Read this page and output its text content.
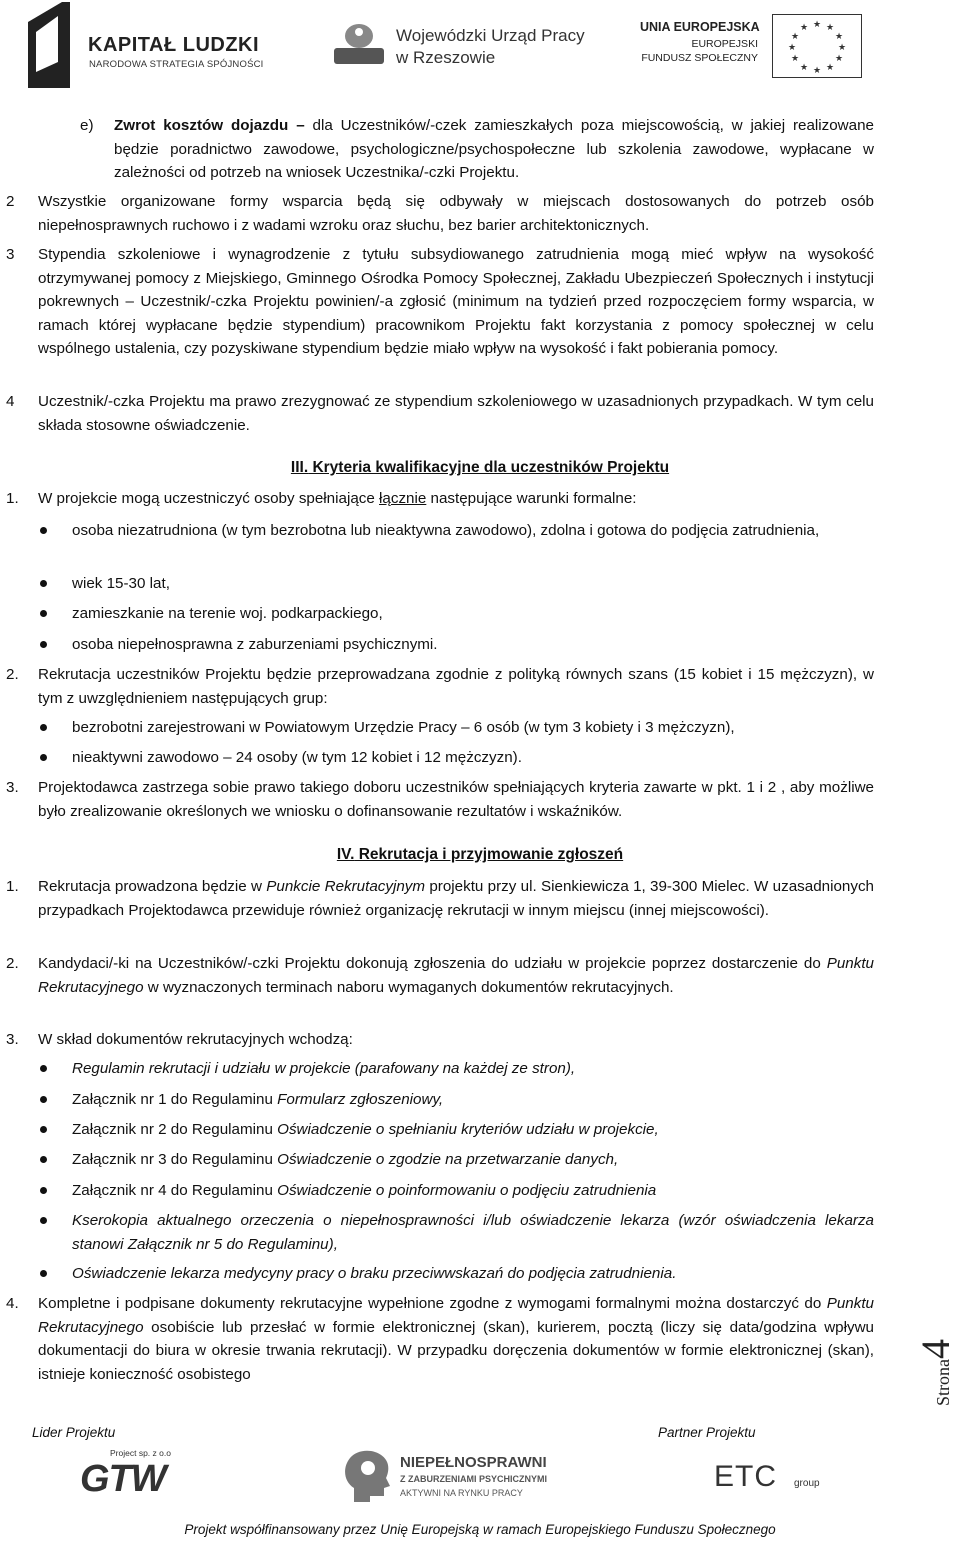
KAPITAŁ LUDZKI
NARODOWA STRATEGIA SPÓJNOŚCI
Wojewódzki Urząd Pracy
w Rzeszowie
UNIA EUROPEJSKA
EUROPEJSKI
FUNDUSZ SPOŁECZNY
★ ★
★
★
★
★
★
★
★
★
★
★
e) Zwrot kosztów dojazdu – dla Uczestników/-czek zamieszkałych poza miejscowością, w jakiej realizowane będzie poradnictwo zawodowe, psychologiczne/psychospołeczne lub szkolenia zawodowe, wypłacane w zależności od potrzeb na wniosek Uczestnika/-czki Projektu.
2 Wszystkie organizowane formy wsparcia będą się odbywały w miejscach dostosowanych do potrzeb osób niepełnosprawnych ruchowo i z wadami wzroku oraz słuchu, bez barier architektonicznych.
3 Stypendia szkoleniowe i wynagrodzenie z tytułu subsydiowanego zatrudnienia mogą mieć wpływ na wysokość otrzymywanej pomocy z Miejskiego, Gminnego Ośrodka Pomocy Społecznej, Zakładu Ubezpieczeń Społecznych i instytucji pokrewnych – Uczestnik/-czka Projektu powinien/-a zgłosić (minimum na tydzień przed rozpoczęciem formy wsparcia, w ramach której wypłacane będzie stypendium) pracownikom Projektu fakt korzystania z pomocy społecznej w celu wspólnego ustalenia, czy pozyskiwane stypendium będzie miało wpływ na wysokość i fakt pobierania pomocy.
4 Uczestnik/-czka Projektu ma prawo zrezygnować ze stypendium szkoleniowego w uzasadnionych przypadkach. W tym celu składa stosowne oświadczenie.
III. Kryteria kwalifikacyjne dla uczestników Projektu
1. W projekcie mogą uczestniczyć osoby spełniające łącznie następujące warunki formalne:
osoba niezatrudniona (w tym bezrobotna lub nieaktywna zawodowo), zdolna i gotowa do podjęcia zatrudnienia,
wiek 15-30 lat,
zamieszkanie na terenie woj. podkarpackiego,
osoba niepełnosprawna z zaburzeniami psychicznymi.
2. Rekrutacja uczestników Projektu będzie przeprowadzana zgodnie z polityką równych szans (15 kobiet i 15 mężczyzn), w tym z uwzględnieniem następujących grup:
bezrobotni zarejestrowani w Powiatowym Urzędzie Pracy – 6 osób (w tym 3 kobiety i 3 mężczyzn),
nieaktywni zawodowo – 24 osoby (w tym 12 kobiet i 12 mężczyzn).
3. Projektodawca zastrzega sobie prawo takiego doboru uczestników spełniających kryteria zawarte w pkt. 1 i 2 , aby możliwe było zrealizowanie określonych we wniosku o dofinansowanie rezultatów i wskaźników.
IV. Rekrutacja i przyjmowanie zgłoszeń
1. Rekrutacja prowadzona będzie w Punkcie Rekrutacyjnym projektu przy ul. Sienkiewicza 1, 39-300 Mielec. W uzasadnionych przypadkach Projektodawca przewiduje również organizację rekrutacji w innym miejscu (innej miejscowości).
2. Kandydaci/-ki na Uczestników/-czki Projektu dokonują zgłoszenia do udziału w projekcie poprzez dostarczenie do Punktu Rekrutacyjnego w wyznaczonych terminach naboru wymaganych dokumentów rekrutacyjnych.
3. W skład dokumentów rekrutacyjnych wchodzą:
Regulamin rekrutacji i udziału w projekcie (parafowany na każdej ze stron),
Załącznik nr 1 do Regulaminu Formularz zgłoszeniowy,
Załącznik nr 2 do Regulaminu Oświadczenie o spełnianiu kryteriów udziału w projekcie,
Załącznik nr 3 do Regulaminu Oświadczenie o zgodzie na przetwarzanie danych,
Załącznik nr 4 do Regulaminu Oświadczenie o poinformowaniu o podjęciu zatrudnienia
Kserokopia aktualnego orzeczenia o niepełnosprawności i/lub oświadczenie lekarza (wzór oświadczenia lekarza stanowi Załącznik nr 5 do Regulaminu),
Oświadczenie lekarza medycyny pracy o braku przeciwwskazań do podjęcia zatrudnienia.
4. Kompletne i podpisane dokumenty rekrutacyjne wypełnione zgodne z wymogami formalnymi można dostarczyć do Punktu Rekrutacyjnego osobiście lub przesłać w formie elektronicznej (skan), kurierem, pocztą (liczy się data/godzina wpływu dokumentacji do biura w okresie trwania rekrutacji). W przypadku doręczenia dokumentów w formie elektronicznej (skan), istnieje konieczność osobistego	Strona4
Lider Projektu	Partner Projektu
Project sp. z o.o
GTW	NIEPEŁNOSPRAWNI
Z ZABURZENIAMI PSYCHICZNYMI
AKTYWNI NA RYNKU PRACY	ETC group
Projekt współfinansowany przez Unię Europejską w ramach Europejskiego Funduszu Społecznego
